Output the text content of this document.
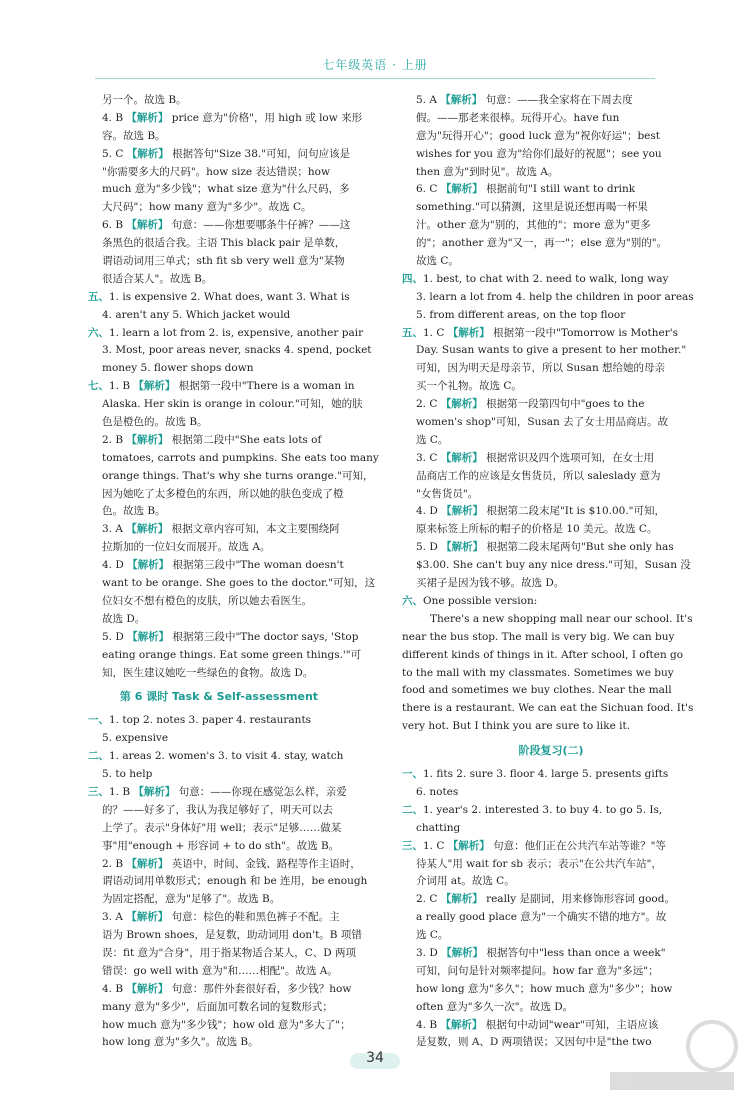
七年级英语 · 上册
另一个。故选 B。
4. B 【解析】 price 意为"价格"，用 high 或 low 来形
容。故选 B。
5. C 【解析】 根据答句"Size 38."可知，问句应该是
"你需要多大的尺码"。how size 表达错误；how
much 意为"多少钱"；what size 意为"什么尺码，多
大尺码"；how many 意为"多少"。故选 C。
6. B 【解析】 句意：——你想要哪条牛仔裤？——这
条黑色的很适合我。主语 This black pair 是单数，
谓语动词用三单式；sth fit sb very well 意为"某物
很适合某人"。故选 B。
五、1. is expensive 2. What does, want 3. What is
4. aren't any 5. Which jacket would
六、1. learn a lot from 2. is, expensive, another pair
3. Most, poor areas never, snacks 4. spend, pocket
money 5. flower shops down
七、1. B 【解析】 根据第一段中"There is a woman in
Alaska. Her skin is orange in colour."可知，她的肤
色是橙色的。故选 B。
2. B 【解析】 根据第二段中"She eats lots of
tomatoes, carrots and pumpkins. She eats too many
orange things. That's why she turns orange."可知，
因为她吃了太多橙色的东西，所以她的肤色变成了橙
色。故选 B。
3. A 【解析】 根据文章内容可知，本文主要围绕阿
拉斯加的一位妇女而展开。故选 A。
4. D 【解析】 根据第三段中"The woman doesn't
want to be orange. She goes to the doctor."可知，这
位妇女不想有橙色的皮肤，所以她去看医生。
故选 D。
5. D 【解析】 根据第三段中"The doctor says, 'Stop
eating orange things. Eat some green things.'"可
知，医生建议她吃一些绿色的食物。故选 D。
第 6 课时 Task & Self-assessment
一、1. top 2. notes 3. paper 4. restaurants
5. expensive
二、1. areas 2. women's 3. to visit 4. stay, watch
5. to help
三、1. B 【解析】 句意：——你现在感觉怎么样，亲爱
的？——好多了，我认为我足够好了，明天可以去
上学了。表示"身体好"用 well；表示"足够……做某
事"用"enough + 形容词 + to do sth"。故选 B。
2. B 【解析】 英语中，时间、金钱、路程等作主语时，
谓语动词用单数形式；enough 和 be 连用，be enough
为固定搭配，意为"足够了"。故选 B。
3. A 【解析】 句意：棕色的鞋和黑色裤子不配。主
语为 Brown shoes，是复数，助动词用 don't。B 项错
误：fit 意为"合身"，用于指某物适合某人，C、D 两项
错误：go well with 意为"和……相配"。故选 A。
4. B 【解析】 句意：那件外套很好看，多少钱？how
many 意为"多少"，后面加可数名词的复数形式；
how much 意为"多少钱"；how old 意为"多大了"；
how long 意为"多久"。故选 B。
5. A 【解析】 句意：——我全家将在下周去度
假。——那老来很棒。玩得开心。have fun
意为"玩得开心"；good luck 意为"祝你好运"；best
wishes for you 意为"给你们最好的祝愿"；see you
then 意为"到时见"。故选 A。
6. C 【解析】 根据前句"I still want to drink
something."可以猜测，这里是说还想再喝一杯果
汁。other 意为"别的，其他的"；more 意为"更多
的"；another 意为"又一，再一"；else 意为"别的"。
故选 C。
四、1. best, to chat with 2. need to walk, long way
3. learn a lot from 4. help the children in poor areas
5. from different areas, on the top floor
五、1. C 【解析】 根据第一段中"Tomorrow is Mother's
Day. Susan wants to give a present to her mother."
可知，因为明天是母亲节，所以 Susan 想给她的母亲
买一个礼物。故选 C。
2. C 【解析】 根据第一段第四句中"goes to the
women's shop"可知，Susan 去了女士用品商店。故
选 C。
3. C 【解析】 根据常识及四个选项可知，在女士用
品商店工作的应该是女售货员，所以 saleslady 意为
"女售货员"。
4. D 【解析】 根据第二段末尾"It is $10.00."可知，
原来标签上所标的帽子的价格是 10 美元。故选 C。
5. D 【解析】 根据第二段末尾两句"But she only has
$3.00. She can't buy any nice dress."可知，Susan 没
买裙子是因为钱不够。故选 D。
六、One possible version:
There's a new shopping mall near our school. It's
near the bus stop. The mall is very big. We can buy
different kinds of things in it. After school, I often go
to the mall with my classmates. Sometimes we buy
food and sometimes we buy clothes. Near the mall
there is a restaurant. We can eat the Sichuan food. It's
very hot. But I think you are sure to like it.
阶段复习(二)
一、1. fits 2. sure 3. floor 4. large 5. presents gifts
6. notes
二、1. year's 2. interested 3. to buy 4. to go 5. Is,
chatting
三、1. C 【解析】 句意：他们正在公共汽车站等谁？"等
待某人"用 wait for sb 表示；表示"在公共汽车站"，
介词用 at。故选 C。
2. C 【解析】 really 是副词，用来修饰形容词 good。
a really good place 意为"一个确实不错的地方"。故
选 C。
3. D 【解析】 根据答句中"less than once a week"
可知，问句是针对频率提问。how far 意为"多远"；
how long 意为"多久"；how much 意为"多少"；how
often 意为"多久一次"。故选 D。
4. B 【解析】 根据句中动词"wear"可知，主语应该
是复数，则 A、D 两项错误；又因句中是"the two
34
